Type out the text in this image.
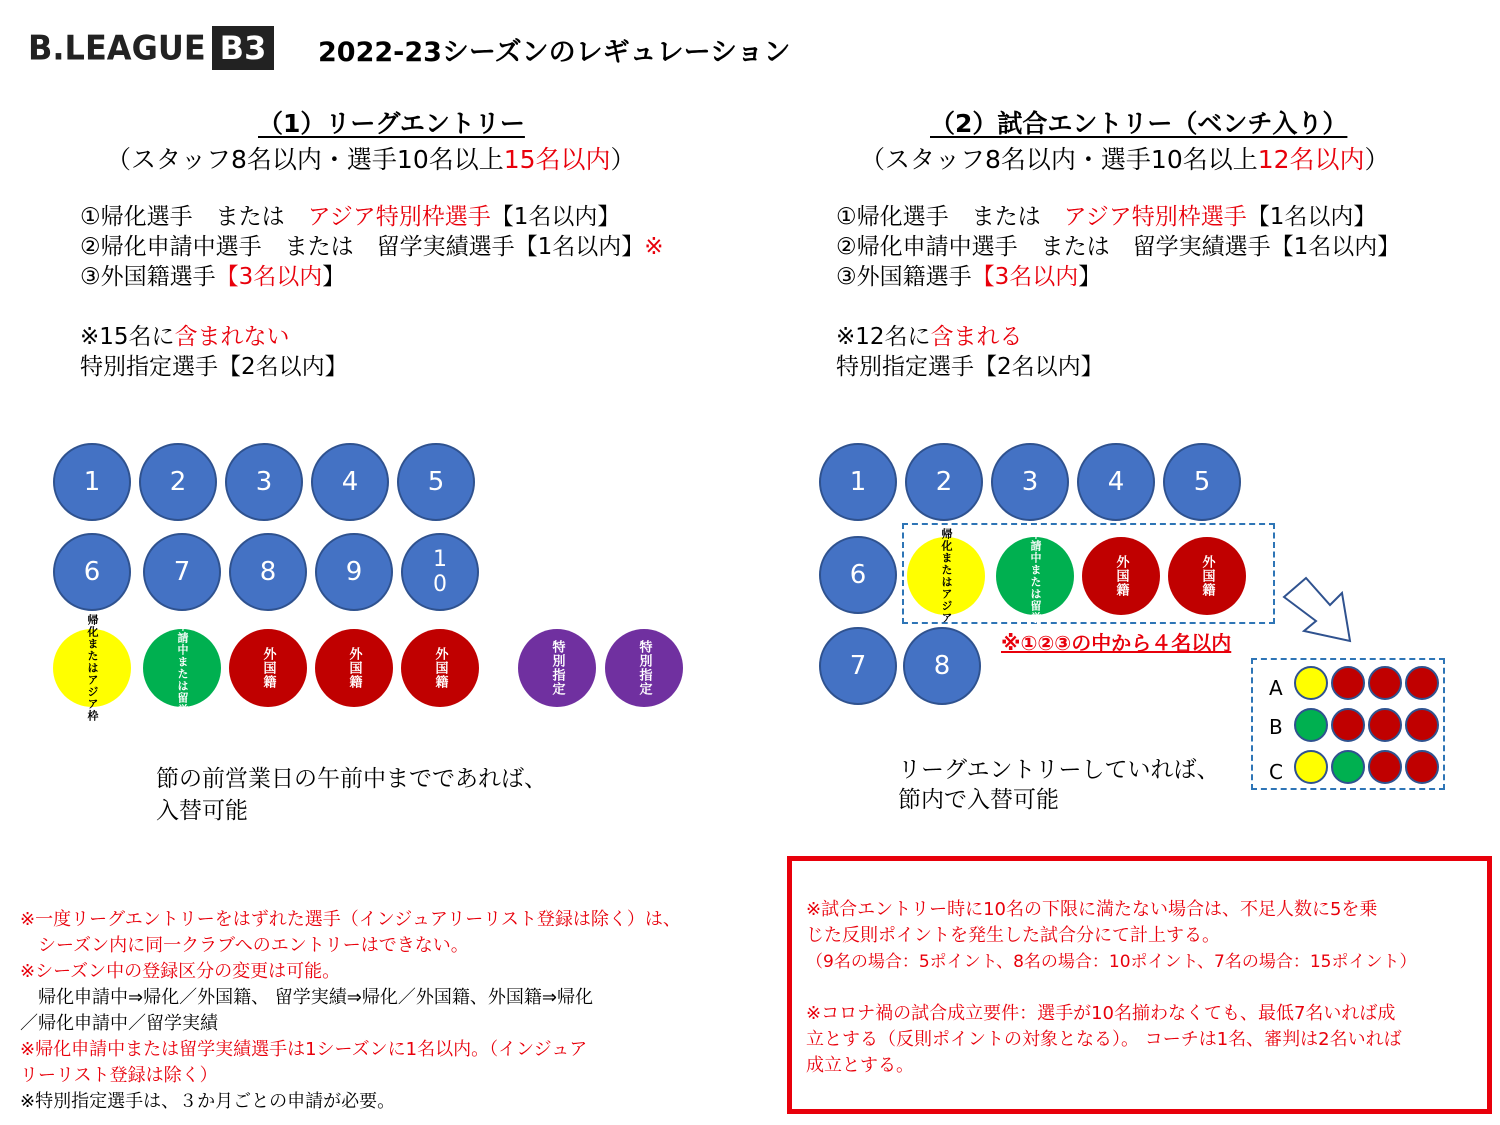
B.LEAGUE B3 2022-23シーズンのレギュレーション
（1）リーグエントリー
（スタッフ8名以内・選手10名以上15名以内）
①帰化選手　または　アジア特別枠選手【1名以内】
②帰化申請中選手　または　留学実績選手【1名以内】※
③外国籍選手【3名以内】
※15名に含まれない
特別指定選手【2名以内】
1	2	3	4	5
6	7	8	9	10
帰化またはアジア枠	申請中または留学	外国籍	外国籍	外国籍	特別指定	特別指定
節の前営業日の午前中までであれば、
入替可能
（2）試合エントリー（ベンチ入り）
（スタッフ8名以内・選手10名以上12名以内）
①帰化選手　または　アジア特別枠選手【1名以内】
②帰化申請中選手　または　留学実績選手【1名以内】
③外国籍選手【3名以内】
※12名に含まれる
特別指定選手【2名以内】
1	2	3	4	5
6	帰化またはアジア	申請中または留学	外国籍	外国籍
7	8
※①②③の中から４名以内
A
B
C
リーグエントリーしていれば、
節内で入替可能
※一度リーグエントリーをはずれた選手（インジュアリーリスト登録は除く）は、
　シーズン内に同一クラブへのエントリーはできない。
※シーズン中の登録区分の変更は可能。
　帰化申請中⇒帰化／外国籍、 留学実績⇒帰化／外国籍、外国籍⇒帰化
／帰化申請中／留学実績
※帰化申請中または留学実績選手は1シーズンに1名以内。（インジュア
リーリスト登録は除く）
※特別指定選手は、３か月ごとの申請が必要。
※試合エントリー時に10名の下限に満たない場合は、不足人数に5を乗
じた反則ポイントを発生した試合分にて計上する。
（9名の場合：5ポイント、8名の場合：10ポイント、7名の場合：15ポイント）
※コロナ禍の試合成立要件：選手が10名揃わなくても、最低7名いれば成
立とする（反則ポイントの対象となる）。 コーチは1名、審判は2名いれば
成立とする。
